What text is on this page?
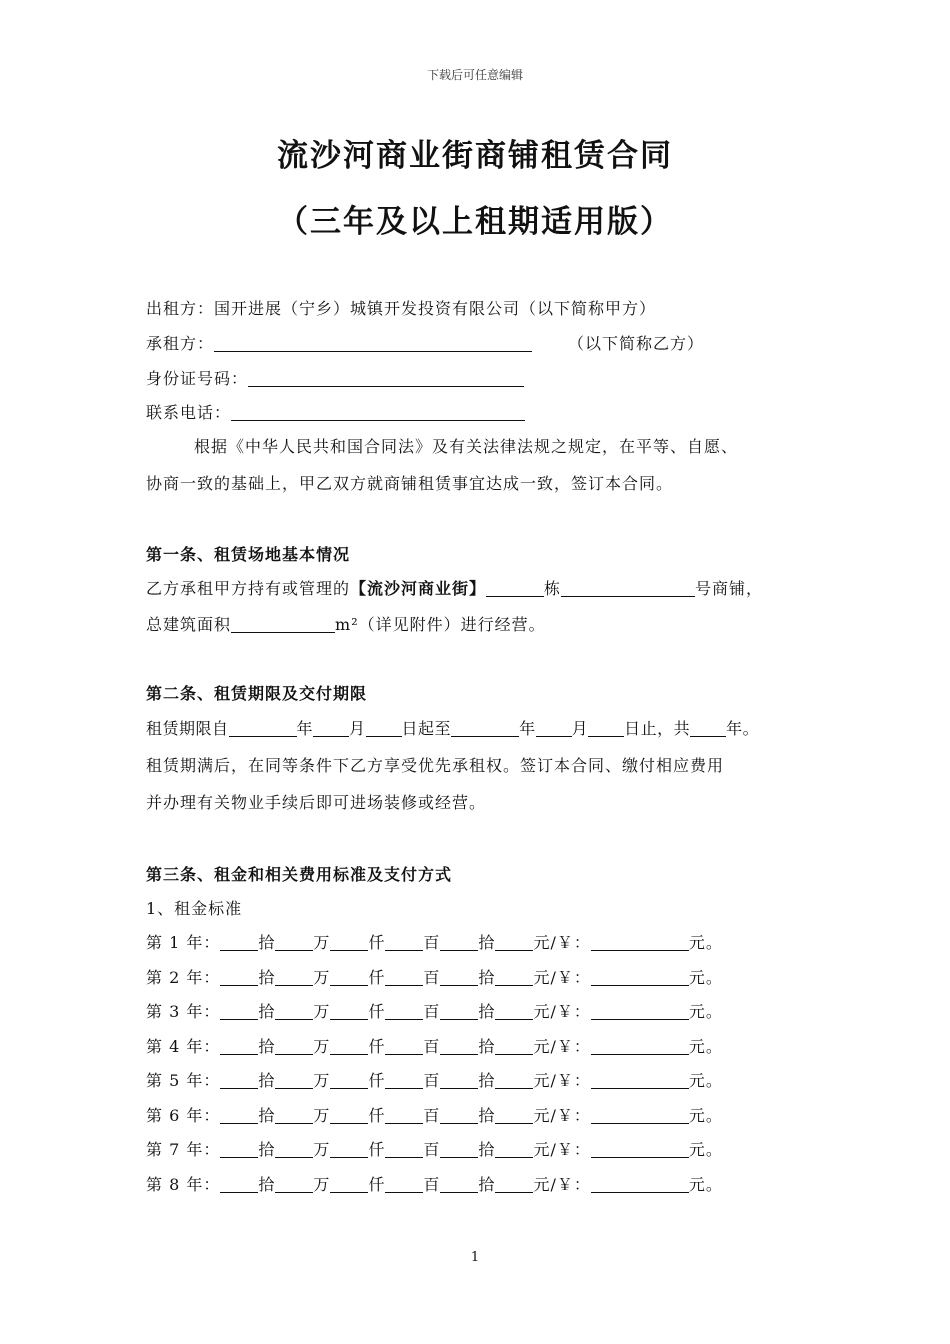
下载后可任意编辑
流沙河商业街商铺租赁合同
（三年及以上租期适用版）
出租方：国开进展（宁乡）城镇开发投资有限公司（以下简称甲方）
承租方：	（以下简称乙方）
身份证号码：
联系电话：
根据《中华人民共和国合同法》及有关法律法规之规定，在平等、自愿、
协商一致的基础上，甲乙双方就商铺租赁事宜达成一致，签订本合同。
第一条、租赁场地基本情况
乙方承租甲方持有或管理的【流沙河商业街】	栋	号商铺，
总建筑面积	m²（详见附件）进行经营。
第二条、租赁期限及交付期限
租赁期限自	年 月 日起至	年 月 日止，共 年。
租赁期满后，在同等条件下乙方享受优先承租权。签订本合同、缴付相应费用
并办理有关物业手续后即可进场装修或经营。
第三条、租金和相关费用标准及支付方式
1、租金标准
第 1 年： 拾 万 仟 百 拾 元/￥：	元。
第 2 年： 拾 万 仟 百 拾 元/￥：	元。
第 3 年： 拾 万 仟 百 拾 元/￥：	元。
第 4 年： 拾 万 仟 百 拾 元/￥：	元。
第 5 年： 拾 万 仟 百 拾 元/￥：	元。
第 6 年： 拾 万 仟 百 拾 元/￥：	元。
第 7 年： 拾 万 仟 百 拾 元/￥：	元。
第 8 年： 拾 万 仟 百 拾 元/￥：	元。
1
